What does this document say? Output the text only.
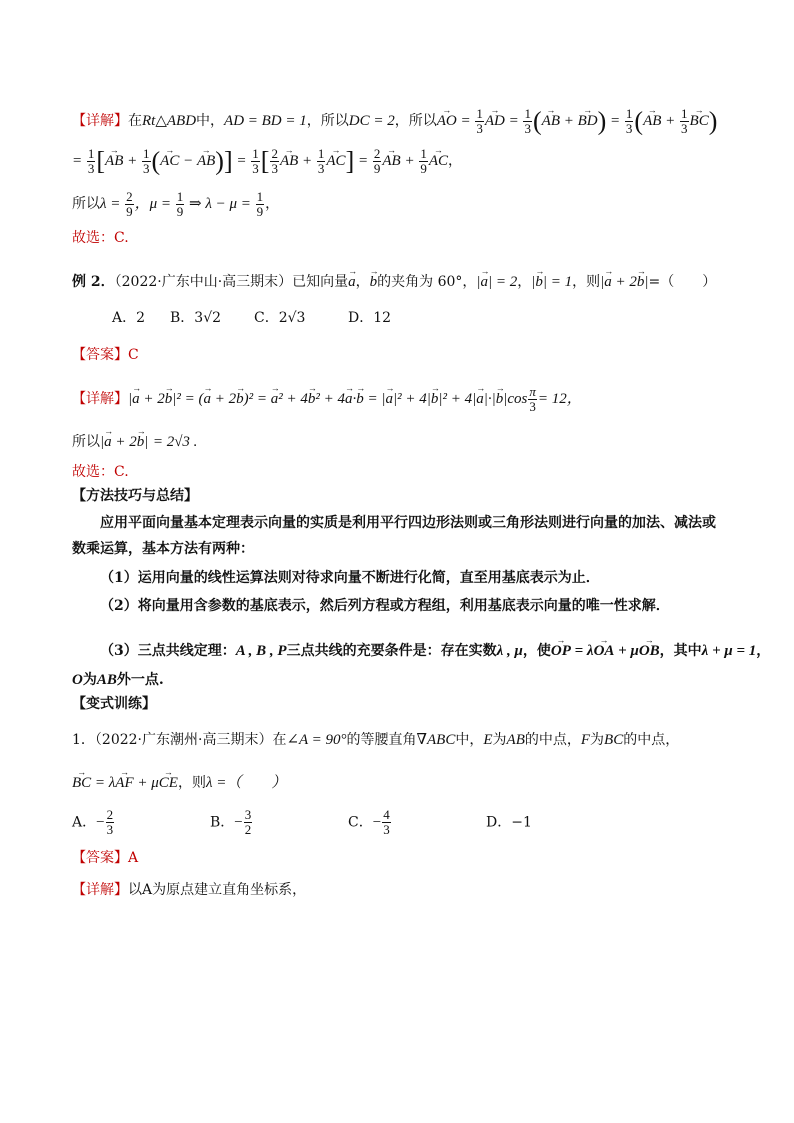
【详解】在Rt△ABD中，AD = BD = 1，所以DC = 2，所以→ AO = $\frac{1}{3}$
→ AD = $\frac{1}{3}$ (→ AB + → $BD) = \frac{1}{3}$ (→ AB + $\frac{1}{3}$
→ BC)
= $\frac{1}{3}$ [→ AB + $\frac{1}{3}$ (→ AC − → $AB)] = \frac{1}{3}$ [ $\frac{2}{3}$
→ AB + $\frac{1}{3}$
→ $AC] = \frac{2}{9}$
→ AB + $\frac{1}{9}$
→ AC，
所以$\lambda = \frac{2}{9}$ ，$\mu = \frac{1}{9}$ ⇒ $\lambda - \mu = \frac{1}{9}$ ，
故选：C.
例 2．（2022·广东中山·高三期末）已知向量→ a，→ b的夹角为 60°，|→ a| = 2，|→ b| = 1，则|→ a + 2→ b|=（　　）
A．2 B．3√2 C．2√3	D．12
【答案】C
【详解】|→ a + 2→ b|² = (→ a + 2→ b)² = → a² + 4→ b² + 4→ a·→ b = |→ $a|^2 + 4|\to b|^2 + 4|\to a|\cdot|\to b|\cos \frac{\pi}{3} = 12$，
所以|→ a + 2→ b| = 2√3 .
故选：C.
【方法技巧与总结】
应用平面向量基本定理表示向量的实质是利用平行四边形法则或三角形法则进行向量的加法、减法或数乘运算，基本方法有两种：
（1）运用向量的线性运算法则对待求向量不断进行化简，直至用基底表示为止．
（2）将向量用含参数的基底表示，然后列方程或方程组，利用基底表示向量的唯一性求解．
（3）三点共线定理：A , B , P三点共线的充要条件是：存在实数λ , μ，使→ OP = λ→ OA + μ→ OB，其中λ + μ = 1，
O为AB外一点.
【变式训练】
1．（2022·广东潮州·高三期末）在∠A = 90°的等腰直角∇ABC中，E为AB的中点，F为BC的中点，
→ BC = λ→ AF + μ→ CE，则λ =（　　）
A．− $\frac{2}{3}$	B．− $\frac{3}{2}$	C．− $\frac{4}{3}$	D．−1
【答案】A
【详解】以A为原点建立直角坐标系，
